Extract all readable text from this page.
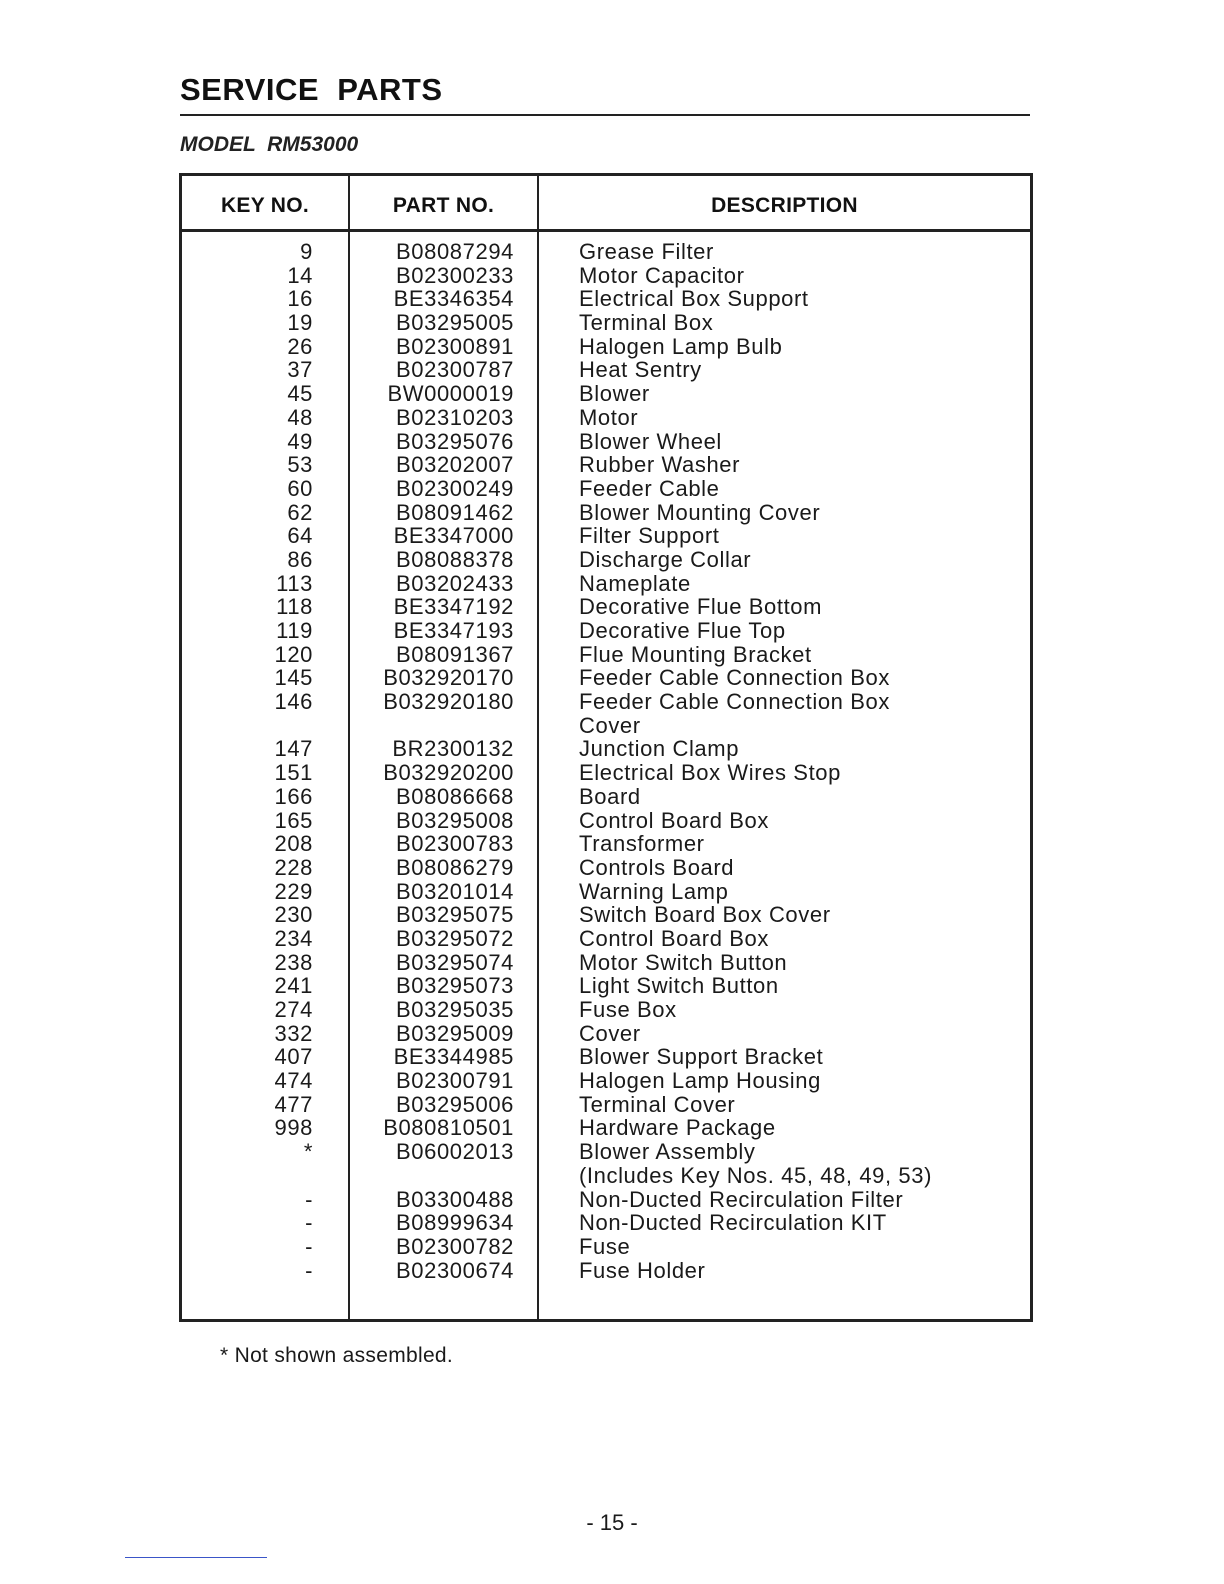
SERVICE  PARTS
MODEL  RM53000
KEY NO.	PART NO.	DESCRIPTION
9	B08087294	Grease Filter
14	B02300233	Motor Capacitor
16	BE3346354	Electrical Box Support
19	B03295005	Terminal Box
26	B02300891	Halogen Lamp Bulb
37	B02300787	Heat Sentry
45	BW0000019	Blower
48	B02310203	Motor
49	B03295076	Blower Wheel
53	B03202007	Rubber Washer
60	B02300249	Feeder Cable
62	B08091462	Blower Mounting Cover
64	BE3347000	Filter Support
86	B08088378	Discharge Collar
113	B03202433	Nameplate
118	BE3347192	Decorative Flue Bottom
119	BE3347193	Decorative Flue Top
120	B08091367	Flue Mounting Bracket
145	B032920170	Feeder Cable Connection Box
146	B032920180	Feeder Cable Connection Box
Cover
147	BR2300132	Junction Clamp
151	B032920200	Electrical Box Wires Stop
166	B08086668	Board
165	B03295008	Control Board Box
208	B02300783	Transformer
228	B08086279	Controls Board
229	B03201014	Warning Lamp
230	B03295075	Switch Board Box Cover
234	B03295072	Control Board Box
238	B03295074	Motor Switch Button
241	B03295073	Light Switch Button
274	B03295035	Fuse Box
332	B03295009	Cover
407	BE3344985	Blower Support Bracket
474	B02300791	Halogen Lamp Housing
477	B03295006	Terminal Cover
998	B080810501	Hardware Package
*	B06002013	Blower Assembly
(Includes Key Nos. 45, 48, 49, 53)
-	B03300488	Non-Ducted Recirculation Filter
-	B08999634	Non-Ducted Recirculation KIT
-	B02300782	Fuse
-	B02300674	Fuse Holder
* Not shown assembled.
- 15 -
